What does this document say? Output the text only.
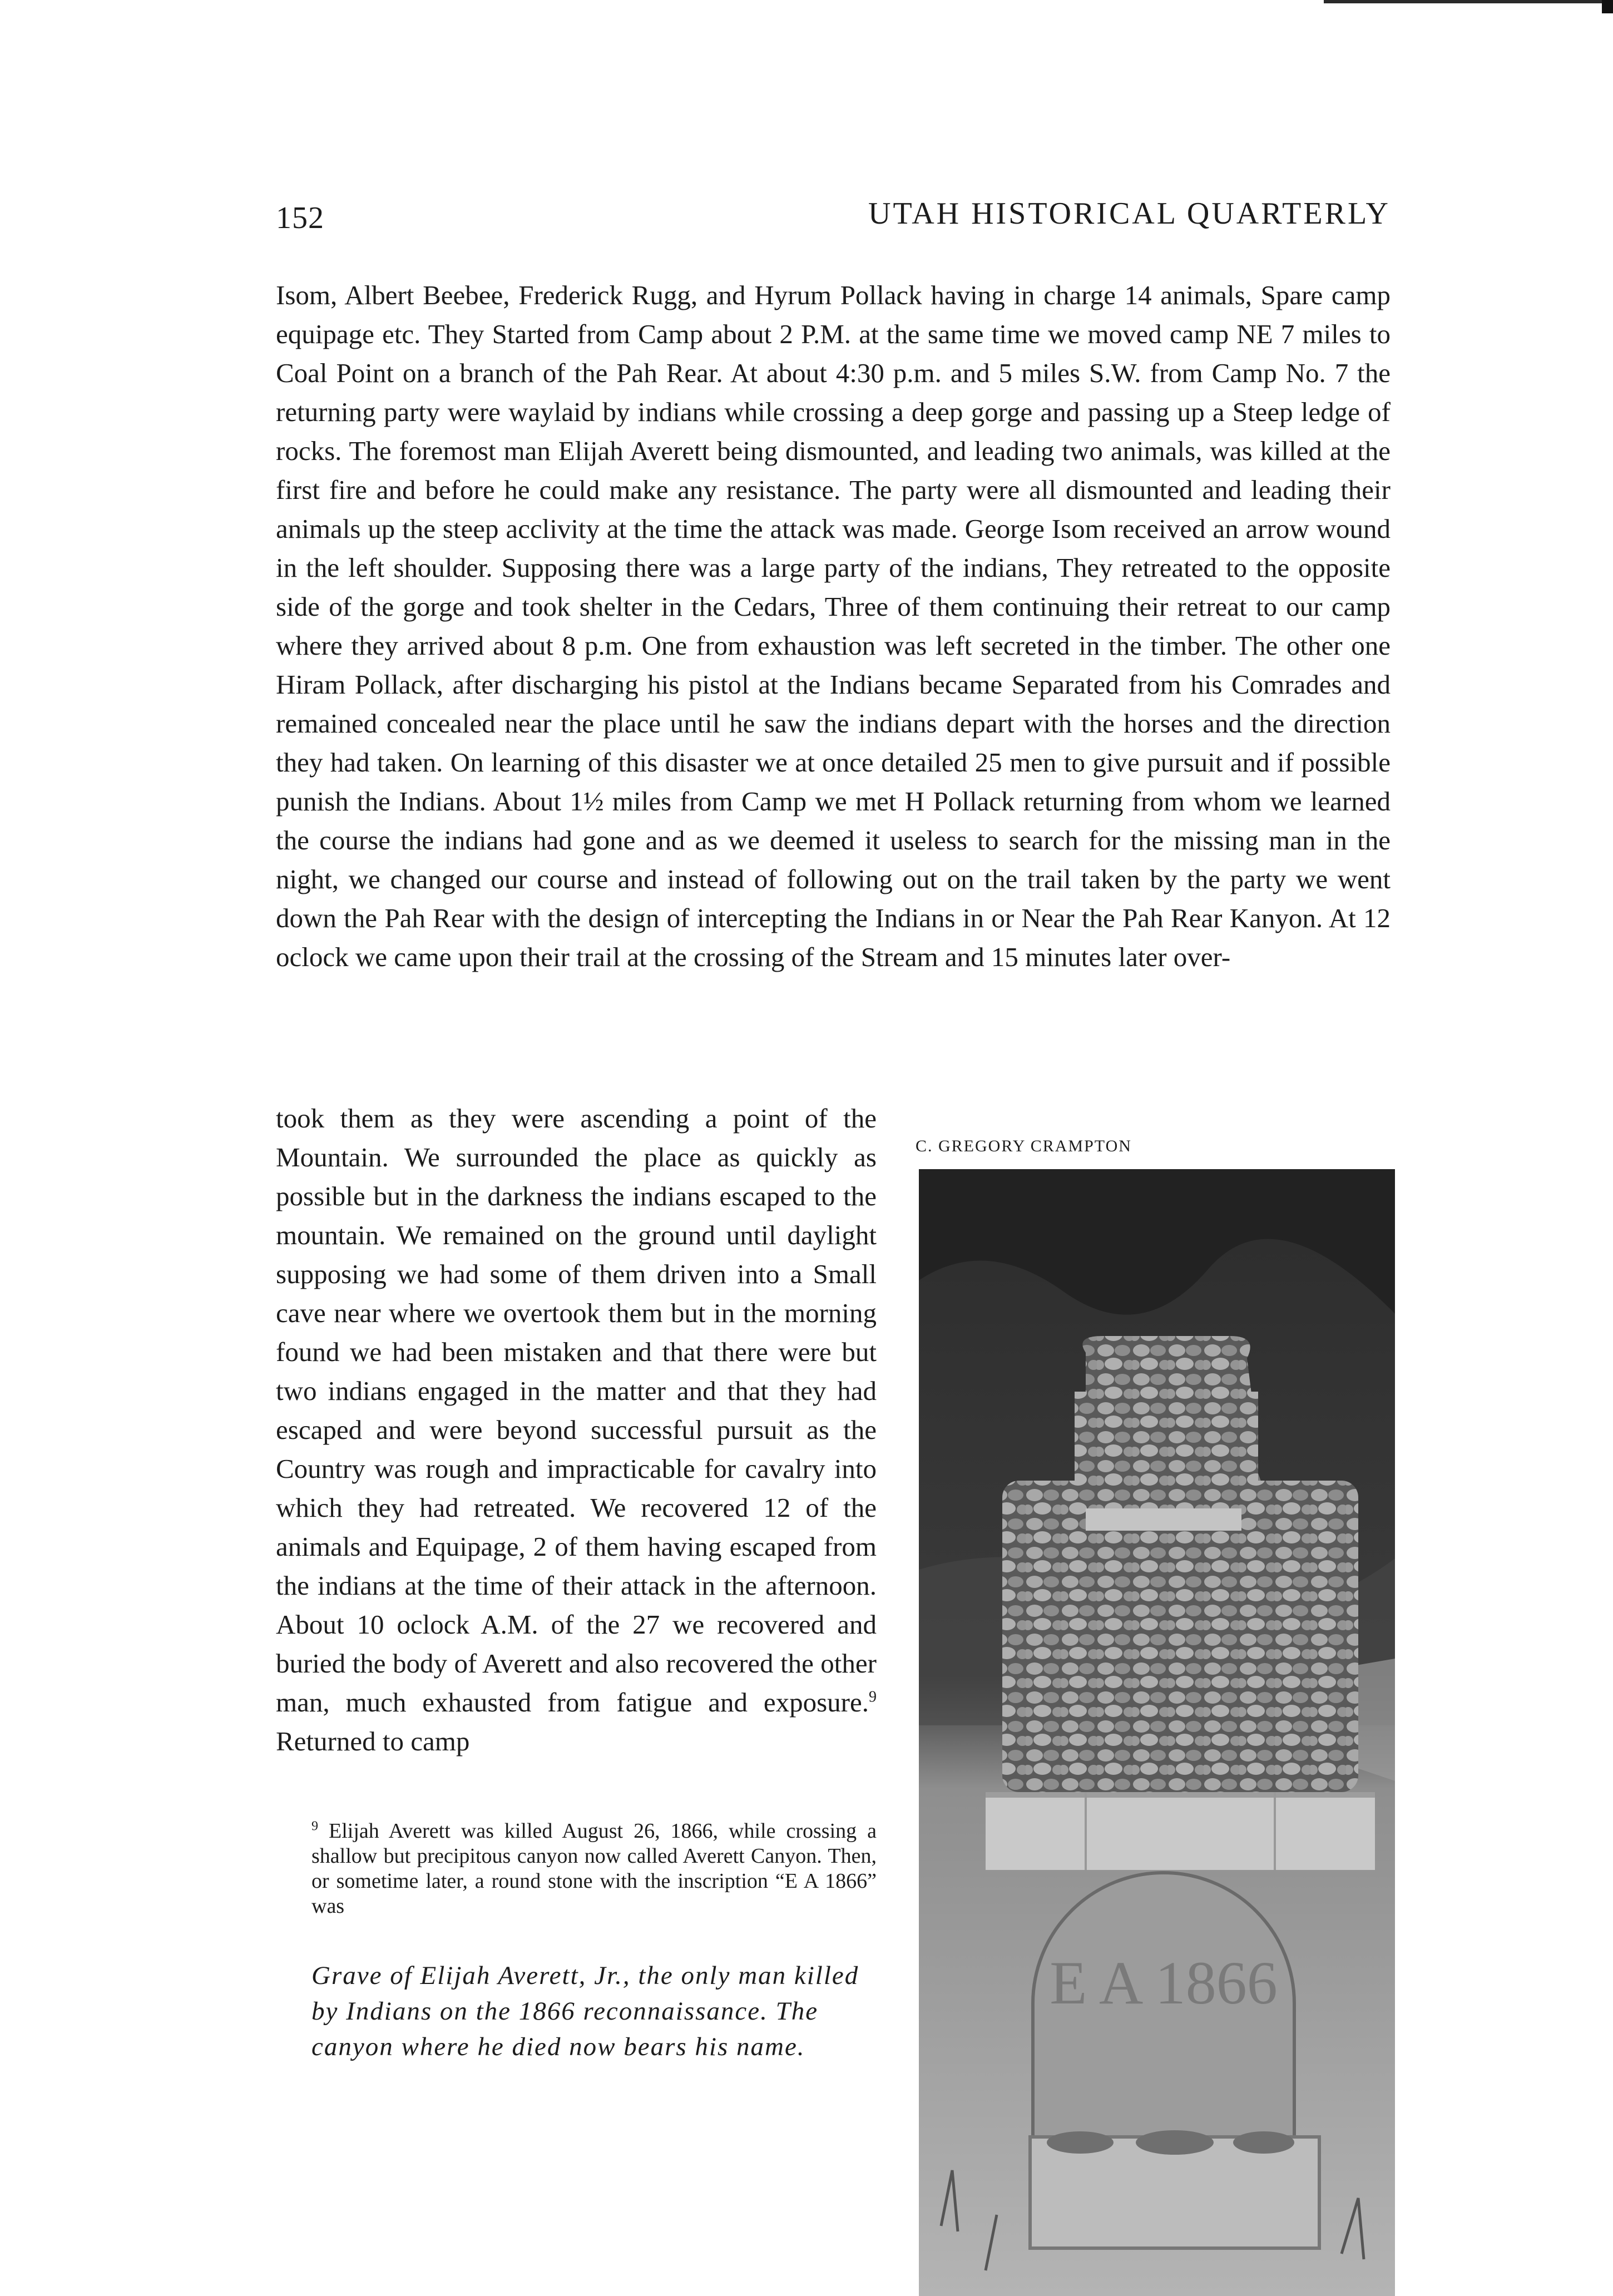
152	UTAH HISTORICAL QUARTERLY

Isom, Albert Beebee, Frederick Rugg, and Hyrum Pollack having in charge 14 animals, Spare camp equipage etc. They Started from Camp about 2 P.M. at the same time we moved camp NE 7 miles to Coal Point on a branch of the Pah Rear. At about 4:30 p.m. and 5 miles S.W. from Camp No. 7 the returning party were waylaid by indians while crossing a deep gorge and passing up a Steep ledge of rocks. The foremost man Elijah Averett being dismounted, and leading two animals, was killed at the first fire and before he could make any resistance. The party were all dismounted and leading their animals up the steep acclivity at the time the attack was made. George Isom received an arrow wound in the left shoulder. Supposing there was a large party of the indians, They retreated to the opposite side of the gorge and took shelter in the Cedars, Three of them continuing their retreat to our camp where they arrived about 8 p.m. One from exhaustion was left secreted in the timber. The other one Hiram Pollack, after discharging his pistol at the Indians became Separated from his Comrades and remained concealed near the place until he saw the indians depart with the horses and the direction they had taken. On learning of this disaster we at once detailed 25 men to give pursuit and if possible punish the Indians. About 1½ miles from Camp we met H Pollack returning from whom we learned the course the indians had gone and as we deemed it useless to search for the missing man in the night, we changed our course and instead of following out on the trail taken by the party we went down the Pah Rear with the design of intercepting the Indians in or Near the Pah Rear Kanyon. At 12 oclock we came upon their trail at the crossing of the Stream and 15 minutes later over-

took them as they were ascending a point of the Mountain. We surrounded the place as quickly as possible but in the darkness the indians escaped to the mountain. We remained on the ground until daylight supposing we had some of them driven into a Small cave near where we overtook them but in the morning found we had been mistaken and that there were but two indians engaged in the matter and that they had escaped and were beyond successful pursuit as the Country was rough and impracticable for cavalry into which they had retreated. We recovered 12 of the animals and Equipage, 2 of them having escaped from the indians at the time of their attack in the afternoon. About 10 oclock A.M. of the 27 we recovered and buried the body of Averett and also recovered the other man, much exhausted from fatigue and exposure.$^9$ Returned to camp

$^9$ Elijah Averett was killed August 26, 1866, while crossing a shallow but precipitous canyon now called Averett Canyon. Then, or sometime later, a round stone with the inscription “E A 1866” was

Grave of Elijah Averett, Jr., the only man killed by Indians on the 1866 reconnaissance. The canyon where he died now bears his name.

C. GREGORY CRAMPTON
E A 1866
